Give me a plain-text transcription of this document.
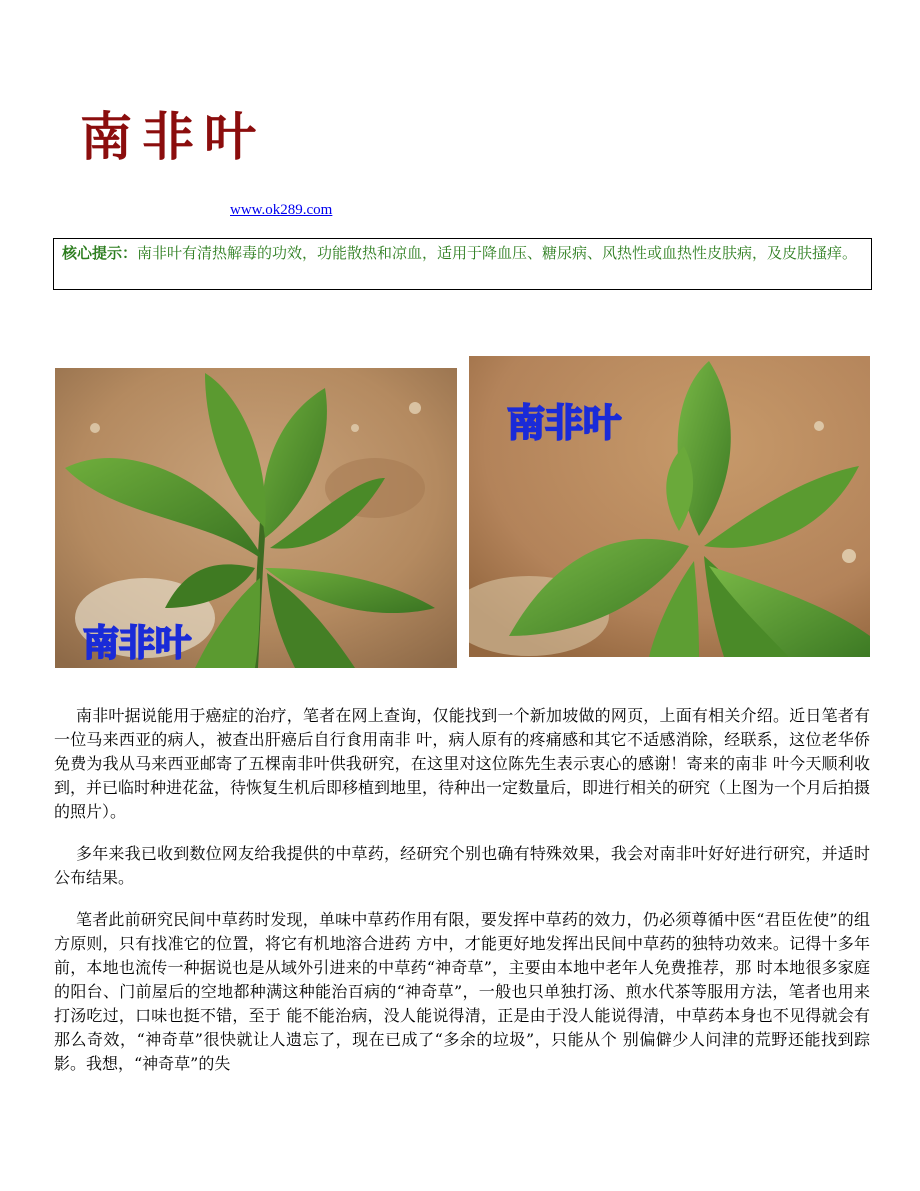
南非叶
www.ok289.com
核心提示：南非叶有清热解毒的功效，功能散热和凉血，适用于降血压、糖尿病、风热性或血热性皮肤病，及皮肤搔痒。
南非叶
南非叶

南非叶据说能用于癌症的治疗，笔者在网上查询，仅能找到一个新加坡做的网页，上面有相关介绍。近日笔者有一位马来西亚的病人，被查出肝癌后自行食用南非 叶，病人原有的疼痛感和其它不适感消除，经联系，这位老华侨免费为我从马来西亚邮寄了五棵南非叶供我研究，在这里对这位陈先生表示衷心的感谢！寄来的南非 叶今天顺利收到，并已临时种进花盆，待恢复生机后即移植到地里，待种出一定数量后，即进行相关的研究（上图为一个月后拍摄的照片）。

多年来我已收到数位网友给我提供的中草药，经研究个别也确有特殊效果，我会对南非叶好好进行研究，并适时公布结果。

笔者此前研究民间中草药时发现，单味中草药作用有限，要发挥中草药的效力，仍必须尊循中医“君臣佐使”的组方原则，只有找准它的位置，将它有机地溶合进药 方中，才能更好地发挥出民间中草药的独特功效来。记得十多年前，本地也流传一种据说也是从域外引进来的中草药“神奇草”，主要由本地中老年人免费推荐，那 时本地很多家庭的阳台、门前屋后的空地都种满这种能治百病的“神奇草”，一般也只单独打汤、煎水代茶等服用方法，笔者也用来打汤吃过，口味也挺不错，至于 能不能治病，没人能说得清，正是由于没人能说得清，中草药本身也不见得就会有那么奇效，“神奇草”很快就让人遗忘了，现在已成了“多余的垃圾”，只能从个 别偏僻少人问津的荒野还能找到踪影。我想，“神奇草”的失
